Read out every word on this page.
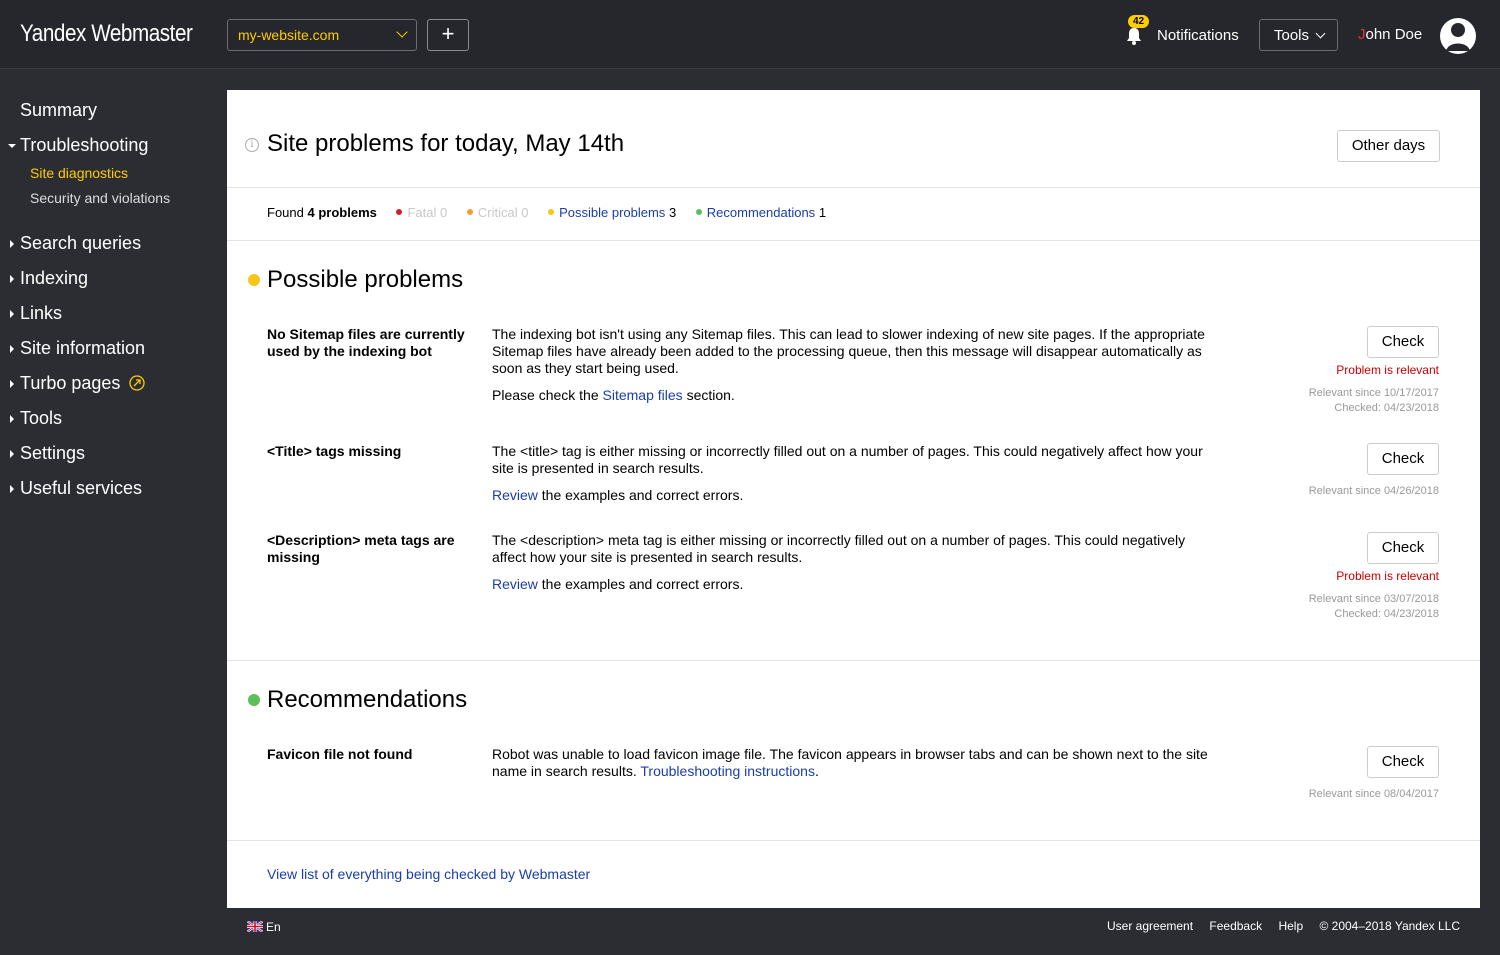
Yandex Webmaster	my-website.com	+	42
Notifications	Tools	John Doe
Summary
Troubleshooting
Site diagnostics
Security and violations
Search queries
Indexing
Links
Site information
Turbo pages
Tools
Settings
Useful services
i Site problems for today, May 14th	Other days
Found 4 problems Fatal 0 Critical 0 Possible problems 3 Recommendations 1
Possible problems
No Sitemap files are currently used by the indexing bot
The indexing bot isn't using any Sitemap files. This can lead to slower indexing of new site pages. If the appropriate Sitemap files have already been added to the processing queue, then this message will disappear automatically as soon as they start being used.
Please check the Sitemap files section.
Check
Problem is relevant
Relevant since 10/17/2017
Checked: 04/23/2018
<Title> tags missing	The <title> tag is either missing or incorrectly filled out on a number of pages. This could negatively affect how your site is presented in search results.
Review the examples and correct errors.
Check
Relevant since 04/26/2018
<Description> meta tags are missing
The <description> meta tag is either missing or incorrectly filled out on a number of pages. This could negatively affect how your site is presented in search results.
Review the examples and correct errors.
Check
Problem is relevant
Relevant since 03/07/2018
Checked: 04/23/2018
Recommendations
Favicon file not found	Robot was unable to load favicon image file. The favicon appears in browser tabs and can be shown next to the site name in search results. Troubleshooting instructions.
Check
Relevant since 08/04/2017
View list of everything being checked by Webmaster
En	User agreement Feedback Help © 2004–2018 Yandex LLC
